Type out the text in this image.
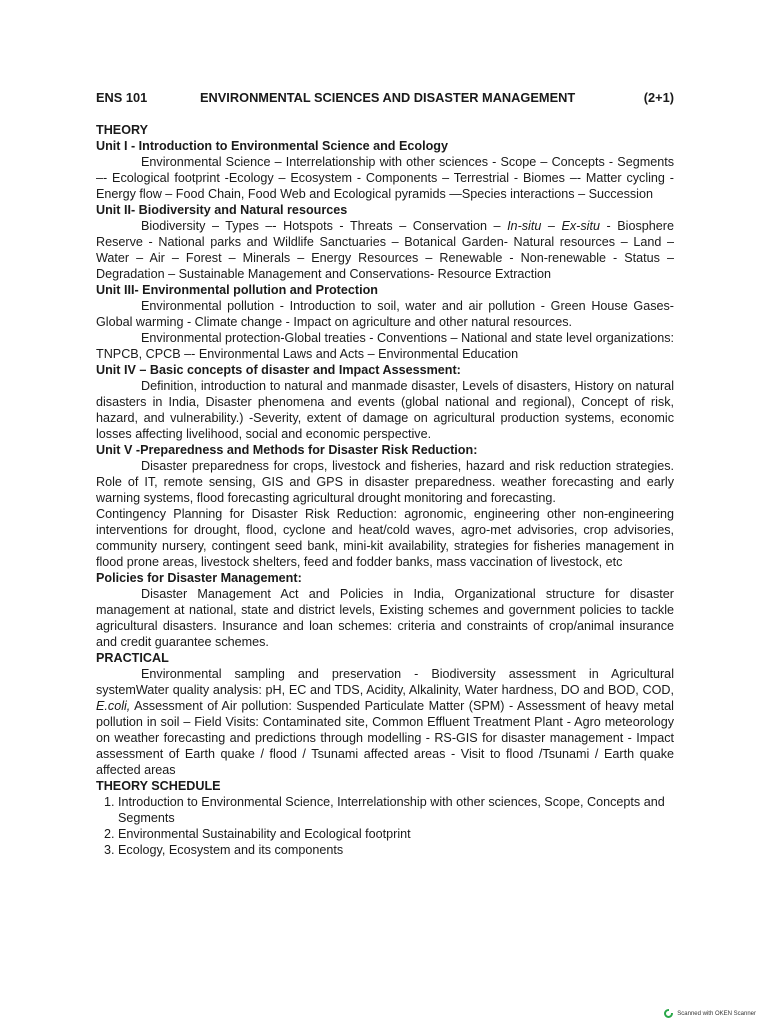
ENS 101	ENVIRONMENTAL SCIENCES AND DISASTER MANAGEMENT	(2+1)

THEORY

Unit I - Introduction to Environmental Science and Ecology

Environmental Science – Interrelationship with other sciences - Scope – Concepts - Segments –- Ecological footprint -Ecology – Ecosystem - Components – Terrestrial - Biomes –- Matter cycling - Energy flow – Food Chain, Food Web and Ecological pyramids —Species interactions – Succession

Unit II- Biodiversity and Natural resources

Biodiversity – Types –- Hotspots - Threats – Conservation – In-situ – Ex-situ - Biosphere Reserve - National parks and Wildlife Sanctuaries – Botanical Garden- Natural resources – Land – Water – Air – Forest – Minerals – Energy Resources – Renewable - Non-renewable - Status – Degradation – Sustainable Management and Conservations- Resource Extraction

Unit III- Environmental pollution and Protection

Environmental pollution - Introduction to soil, water and air pollution - Green House Gases-Global warming - Climate change - Impact on agriculture and other natural resources.

Environmental protection-Global treaties - Conventions – National and state level organizations: TNPCB, CPCB –- Environmental Laws and Acts – Environmental Education

Unit IV – Basic concepts of disaster and Impact Assessment:

Definition, introduction to natural and manmade disaster, Levels of disasters, History on natural disasters in India, Disaster phenomena and events (global national and regional), Concept of risk, hazard, and vulnerability.) -Severity, extent of damage on agricultural production systems, economic losses affecting livelihood, social and economic perspective.

Unit V -Preparedness and Methods for Disaster Risk Reduction:

Disaster preparedness for crops, livestock and fisheries, hazard and risk reduction strategies. Role of IT, remote sensing, GIS and GPS in disaster preparedness. weather forecasting and early warning systems, flood forecasting agricultural drought monitoring and forecasting.

Contingency Planning for Disaster Risk Reduction: agronomic, engineering other non-engineering interventions for drought, flood, cyclone and heat/cold waves, agro-met advisories, crop advisories, community nursery, contingent seed bank, mini-kit availability, strategies for fisheries management in flood prone areas, livestock shelters, feed and fodder banks, mass vaccination of livestock, etc

Policies for Disaster Management:

Disaster Management Act and Policies in India, Organizational structure for disaster management at national, state and district levels, Existing schemes and government policies to tackle agricultural disasters. Insurance and loan schemes: criteria and constraints of crop/animal insurance and credit guarantee schemes.

PRACTICAL

Environmental sampling and preservation - Biodiversity assessment in Agricultural systemWater quality analysis: pH, EC and TDS, Acidity, Alkalinity, Water hardness, DO and BOD, COD, E.coli, Assessment of Air pollution: Suspended Particulate Matter (SPM) - Assessment of heavy metal pollution in soil – Field Visits: Contaminated site, Common Effluent Treatment Plant - Agro meteorology on weather forecasting and predictions through modelling - RS-GIS for disaster management - Impact assessment of Earth quake / flood / Tsunami affected areas - Visit to flood /Tsunami / Earth quake affected areas

THEORY SCHEDULE

1. Introduction to Environmental Science, Interrelationship with other sciences, Scope, Concepts and Segments
2. Environmental Sustainability and Ecological footprint
3. Ecology, Ecosystem and its components
Scanned with OKEN Scanner
